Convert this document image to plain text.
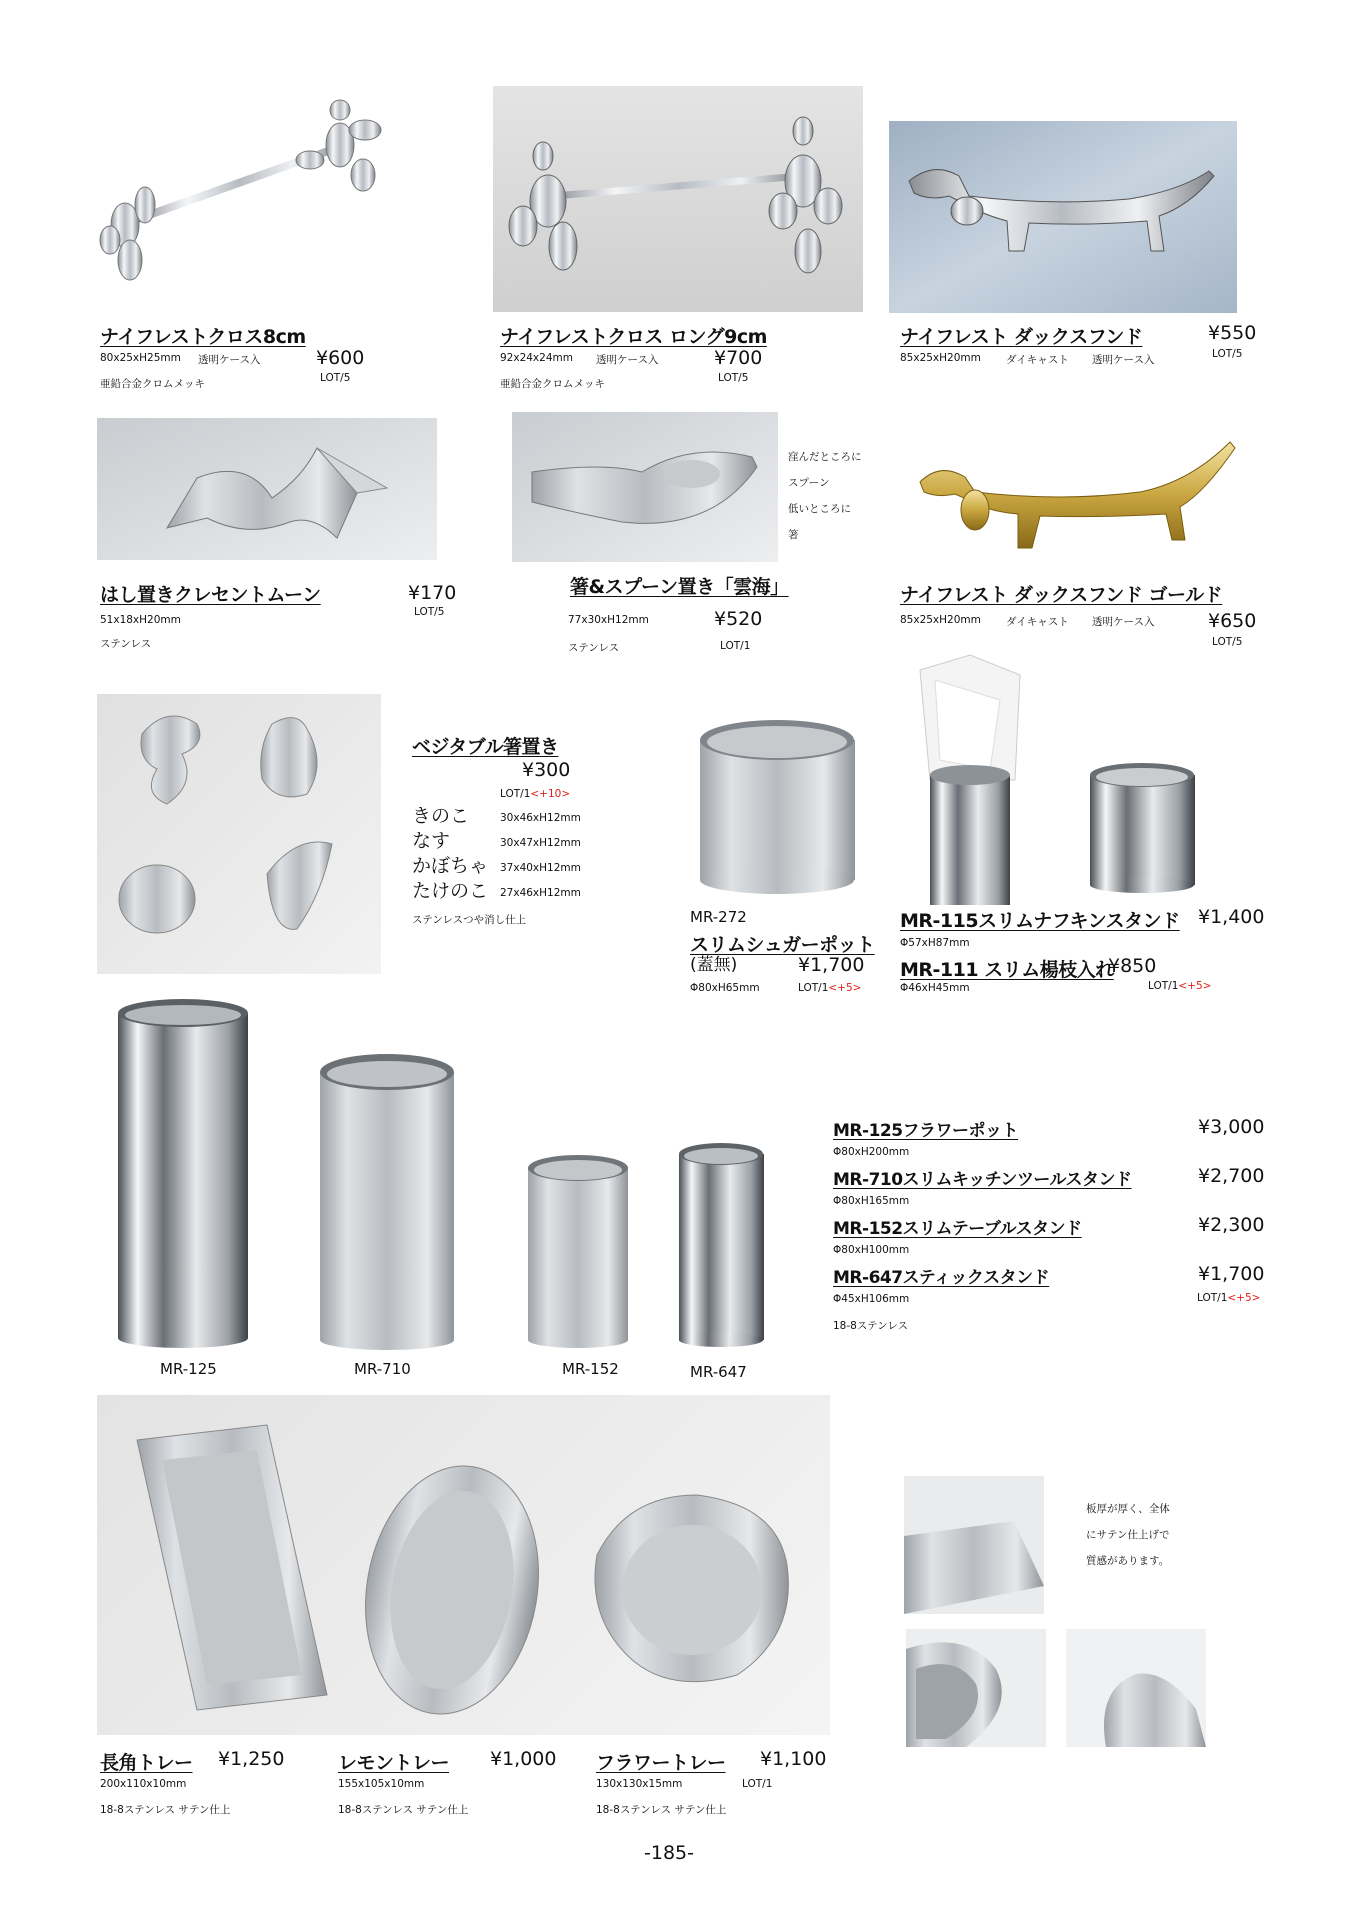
ナイフレストクロス8cm
80x25xH25mm 透明ケース入	¥600
LOT/5
亜鉛合金クロムメッキ
ナイフレストクロス ロング9cm
92x24x24mm 透明ケース入	¥700
LOT/5
亜鉛合金クロムメッキ
ナイフレスト ダックスフンド	¥550
85x25xH20mm ダイキャスト 透明ケース入	LOT/5
窪んだところに
スプーン
低いところに
箸
はし置きクレセントムーン	¥170
LOT/5
51x18xH20mm
ステンレス
箸&スプーン置き「雲海」
77x30xH12mm	¥520
ステンレス	LOT/1
ナイフレスト ダックスフンド ゴールド
85x25xH20mm ダイキャスト 透明ケース入	¥650
LOT/5
ベジタブル箸置き
¥300
LOT/1<+10>
きのこ	30x46xH12mm
なす	30x47xH12mm
かぼちゃ 37x40xH12mm
たけのこ 27x46xH12mm
ステンレスつや消し仕上	MR-272
スリムシュガーポット
(蓋無)	¥1,700
Φ80xH65mm	LOT/1<+5>
MR-115スリムナフキンスタンド ¥1,400
Φ57xH87mm
MR-111 スリム楊枝入れ
¥850
Φ46xH45mm	LOT/1<+5>
MR-125	MR-710	MR-152	MR-647
MR-125フラワーポット	¥3,000
Φ80xH200mm
MR-710スリムキッチンツールスタンド	¥2,700
Φ80xH165mm
MR-152スリムテーブルスタンド	¥2,300
Φ80xH100mm
MR-647スティックスタンド	¥1,700
Φ45xH106mm	LOT/1<+5>
18-8ステンレス
板厚が厚く、全体
にサテン仕上げで
質感があります。
長角トレー ¥1,250
200x110x10mm
18-8ステンレス サテン仕上
レモントレー ¥1,000
155x105x10mm
18-8ステンレス サテン仕上
フラワートレー ¥1,100
130x130x15mm	LOT/1
18-8ステンレス サテン仕上
-185-
